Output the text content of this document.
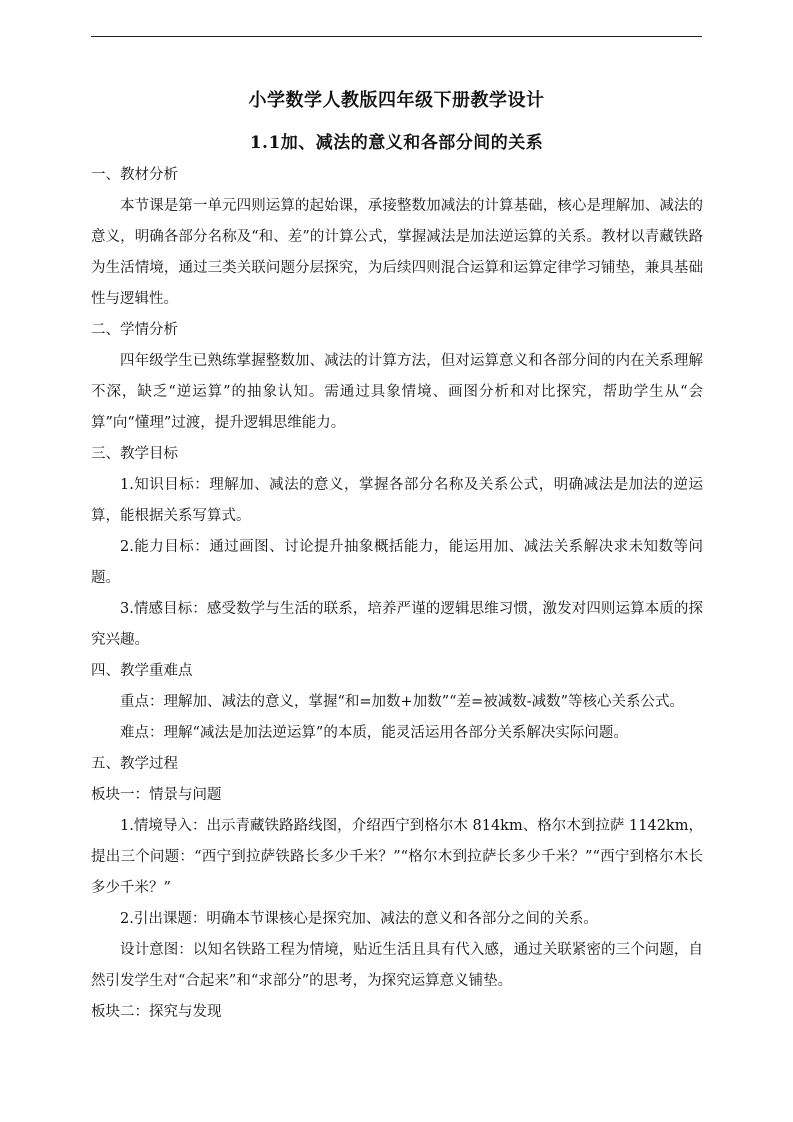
小学数学人教版四年级下册教学设计
1.1加、减法的意义和各部分间的关系

一、教材分析

本节课是第一单元四则运算的起始课，承接整数加减法的计算基础，核心是理解加、减法的意义，明确各部分名称及“和、差”的计算公式，掌握减法是加法逆运算的关系。教材以青藏铁路为生活情境，通过三类关联问题分层探究，为后续四则混合运算和运算定律学习铺垫，兼具基础性与逻辑性。

二、学情分析

四年级学生已熟练掌握整数加、减法的计算方法，但对运算意义和各部分间的内在关系理解不深，缺乏“逆运算”的抽象认知。需通过具象情境、画图分析和对比探究，帮助学生从“会算”向“懂理”过渡，提升逻辑思维能力。

三、教学目标

1.知识目标：理解加、减法的意义，掌握各部分名称及关系公式，明确减法是加法的逆运算，能根据关系写算式。

2.能力目标：通过画图、讨论提升抽象概括能力，能运用加、减法关系解决求未知数等问题。

3.情感目标：感受数学与生活的联系，培养严谨的逻辑思维习惯，激发对四则运算本质的探究兴趣。

四、教学重难点

重点：理解加、减法的意义，掌握“和=加数+加数”“差=被减数-减数”等核心关系公式。

难点：理解“减法是加法逆运算”的本质，能灵活运用各部分关系解决实际问题。

五、教学过程

板块一：情景与问题

1.情境导入：出示青藏铁路路线图，介绍西宁到格尔木 814km、格尔木到拉萨 1142km，提出三个问题：“西宁到拉萨铁路长多少千米？”“格尔木到拉萨长多少千米？”“西宁到格尔木长多少千米？”

2.引出课题：明确本节课核心是探究加、减法的意义和各部分之间的关系。

设计意图：以知名铁路工程为情境，贴近生活且具有代入感，通过关联紧密的三个问题，自然引发学生对“合起来”和“求部分”的思考，为探究运算意义铺垫。

板块二：探究与发现
